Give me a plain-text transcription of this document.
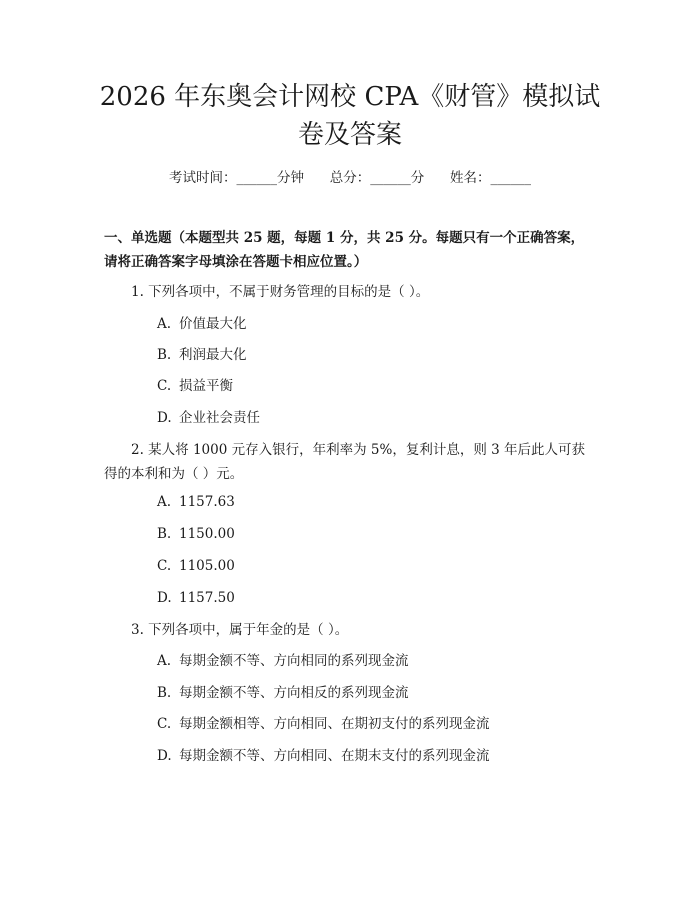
2026 年东奥会计网校 CPA《财管》模拟试卷及答案
考试时间：______分钟      总分：______分      姓名：______

一、单选题（本题型共 25 题，每题 1 分，共 25 分。每题只有一个正确答案，请将正确答案字母填涂在答题卡相应位置。）

1. 下列各项中，不属于财务管理的目标的是（ ）。

A. 价值最大化

B. 利润最大化

C. 损益平衡

D. 企业社会责任

2. 某人将 1000 元存入银行，年利率为 5%，复利计息，则 3 年后此人可获得的本利和为（ ）元。

A. 1157.63

B. 1150.00

C. 1105.00

D. 1157.50

3. 下列各项中，属于年金的是（ ）。

A. 每期金额不等、方向相同的系列现金流

B. 每期金额不等、方向相反的系列现金流

C. 每期金额相等、方向相同、在期初支付的系列现金流

D. 每期金额不等、方向相同、在期末支付的系列现金流
